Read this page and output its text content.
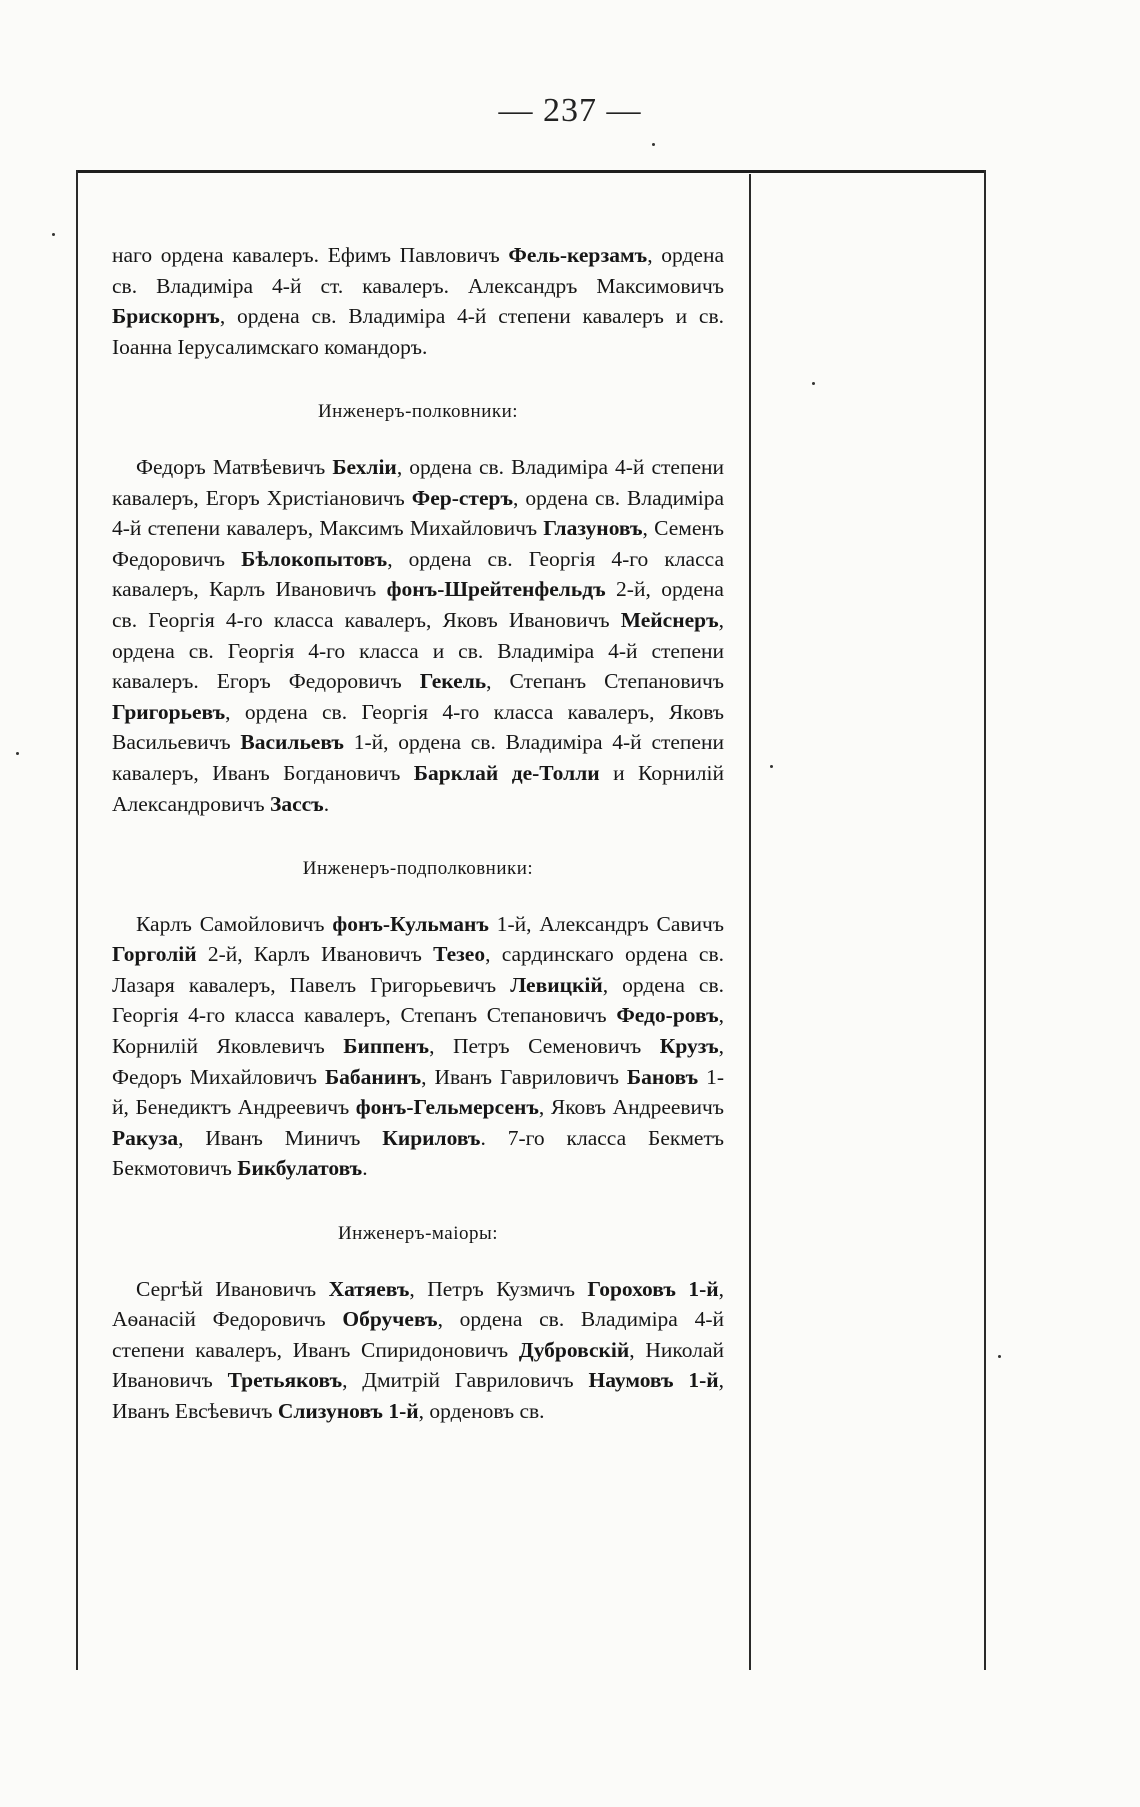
— 237 —

наго ордена кавалеръ. Ефимъ Павловичъ Фель-керзамъ, ордена св. Владиміра 4-й ст. кавалеръ. Александръ Максимовичъ Брискорнъ, ордена св. Владиміра 4-й степени кавалеръ и св. Іоанна Іерусалимскаго командоръ.

Инженеръ-полковники:

Федоръ Матвѣевичъ Бехліи, ордена св. Владиміра 4-й степени кавалеръ, Егоръ Христіановичъ Фер-стеръ, ордена св. Владиміра 4-й степени кавалеръ, Максимъ Михайловичъ Глазуновъ, Семенъ Федоровичъ Бѣлокопытовъ, ордена св. Георгія 4-го класса кавалеръ, Карлъ Ивановичъ фонъ-Шрейтенфельдъ 2-й, ордена св. Георгія 4-го класса кавалеръ, Яковъ Ивановичъ Мейснеръ, ордена св. Георгія 4-го класса и св. Владиміра 4-й степени кавалеръ. Егоръ Федоровичъ Гекель, Степанъ Степановичъ Григорьевъ, ордена св. Георгія 4-го класса кавалеръ, Яковъ Васильевичъ Васильевъ 1-й, ордена св. Владиміра 4-й степени кавалеръ, Иванъ Богдановичъ Барклай де-Толли и Корнилій Александровичъ Зассъ.

Инженеръ-подполковники:

Карлъ Самойловичъ фонъ-Кульманъ 1-й, Александръ Савичъ Горголій 2-й, Карлъ Ивановичъ Тезео, сардинскаго ордена св. Лазаря кавалеръ, Павелъ Григорьевичъ Левицкій, ордена св. Георгія 4-го класса кавалеръ, Степанъ Степановичъ Федо-ровъ, Корнилій Яковлевичъ Биппенъ, Петръ Семеновичъ Крузъ, Федоръ Михайловичъ Бабанинъ, Иванъ Гавриловичъ Бановъ 1-й, Бенедиктъ Андреевичъ фонъ-Гельмерсенъ, Яковъ Андреевичъ Ракуза, Иванъ Миничъ Кириловъ. 7-го класса Бекметъ Бекмотовичъ Бикбулатовъ.

Инженеръ-маіоры:

Сергѣй Ивановичъ Хатяевъ, Петръ Кузмичъ Гороховъ 1-й, Аѳанасій Федоровичъ Обручевъ, ордена св. Владиміра 4-й степени кавалеръ, Иванъ Спиридоновичъ Дубровскій, Николай Ивановичъ Третьяковъ, Дмитрій Гавриловичъ Наумовъ 1-й, Иванъ Евсѣевичъ Слизуновъ 1-й, орденовъ св.
